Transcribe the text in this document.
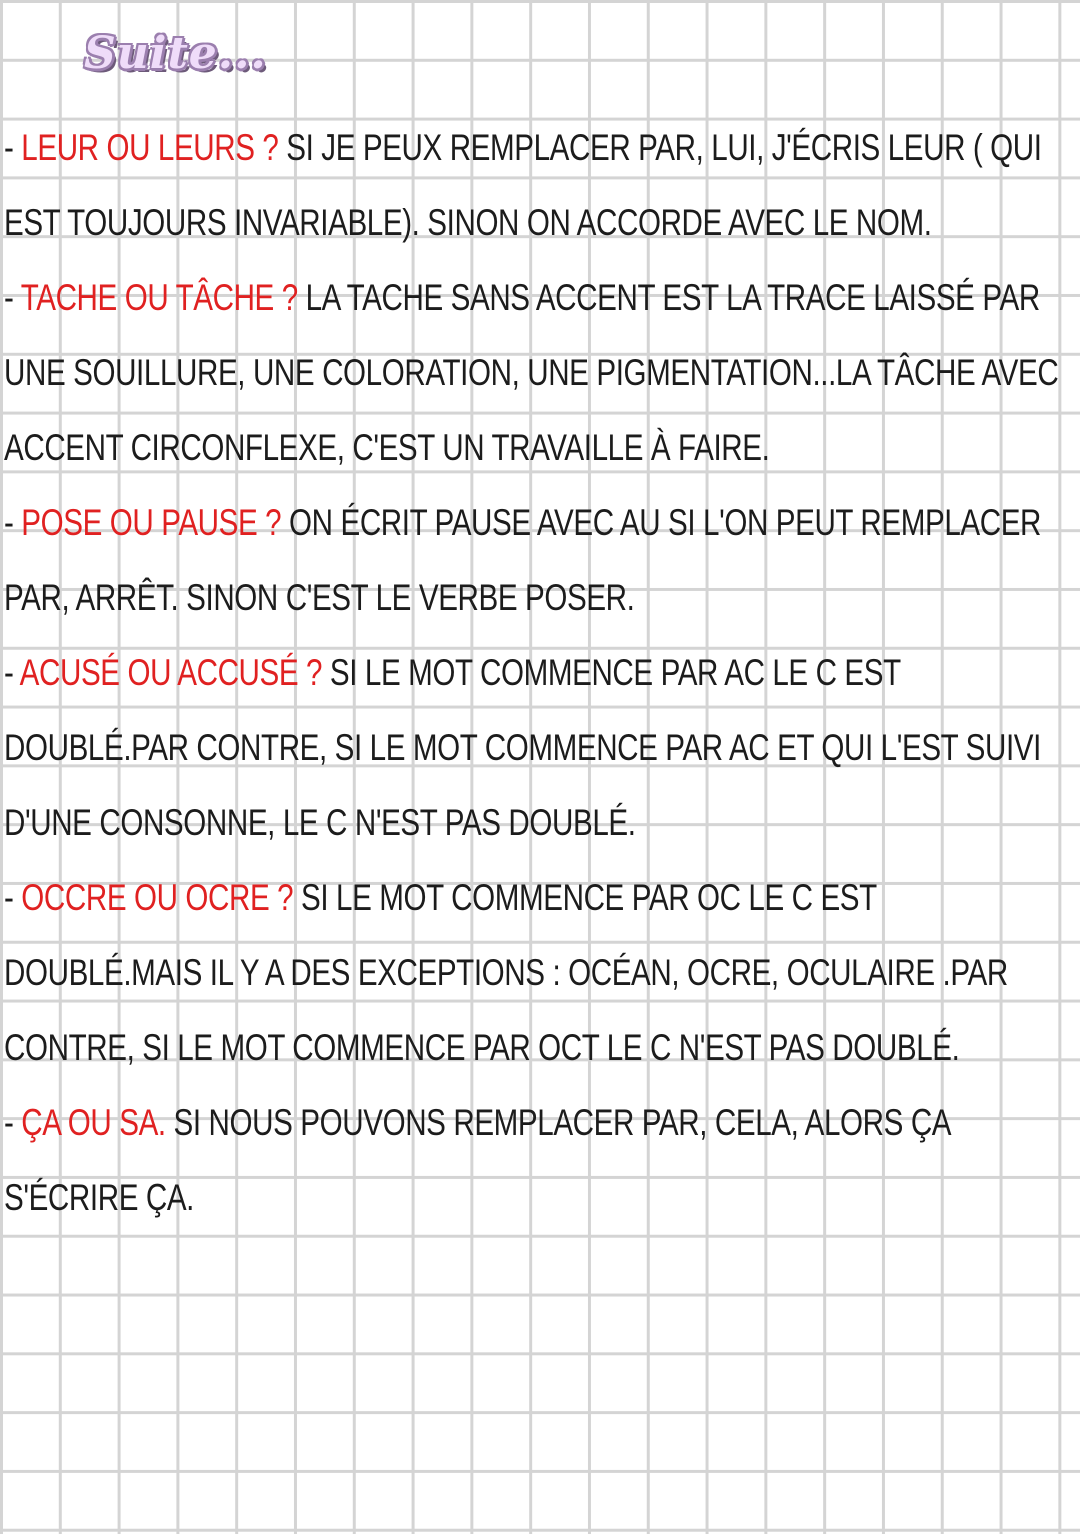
Suite...

- LEUR OU LEURS ? SI JE PEUX REMPLACER PAR, LUI, J'ÉCRIS LEUR ( QUI EST TOUJOURS INVARIABLE). SINON ON ACCORDE AVEC LE NOM.

- TACHE OU TÂCHE ? LA TACHE SANS ACCENT EST LA TRACE LAISSÉ PAR UNE SOUILLURE, UNE COLORATION, UNE PIGMENTATION...LA TÂCHE AVEC ACCENT CIRCONFLEXE, C'EST UN TRAVAILLE À FAIRE.

- POSE OU PAUSE ? ON ÉCRIT PAUSE AVEC AU SI L'ON PEUT REMPLACER PAR, ARRÊT. SINON C'EST LE VERBE POSER.

- ACUSÉ OU ACCUSÉ ? SI LE MOT COMMENCE PAR AC LE C EST DOUBLÉ.PAR CONTRE, SI LE MOT COMMENCE PAR AC ET QUI L'EST SUIVI D'UNE CONSONNE, LE C N'EST PAS DOUBLÉ.

- OCCRE OU OCRE ? SI LE MOT COMMENCE PAR OC LE C EST DOUBLÉ.MAIS IL Y A DES EXCEPTIONS : OCÉAN, OCRE, OCULAIRE .PAR CONTRE, SI LE MOT COMMENCE PAR OCT LE C N'EST PAS DOUBLÉ.

- ÇA OU SA. SI NOUS POUVONS REMPLACER PAR, CELA, ALORS ÇA S'ÉCRIRE ÇA.
